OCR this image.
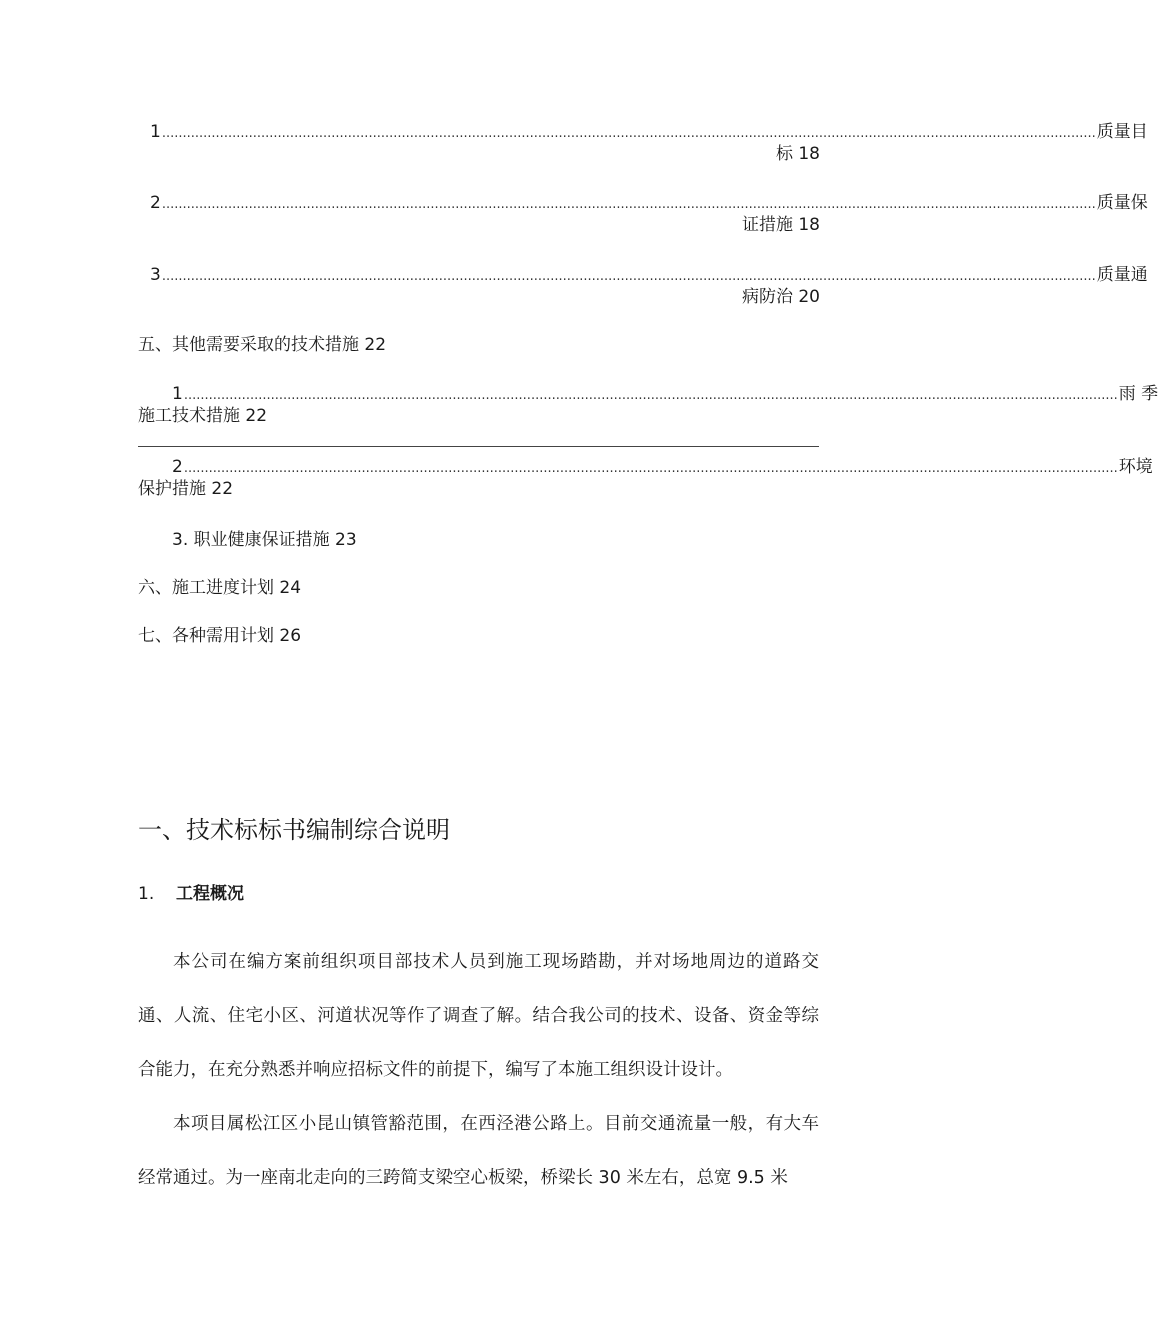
1 .................................................................................................................................................................................................................................. 质量目
标 18
2 .................................................................................................................................................................................................................................. 质量保
证措施 18
3 .................................................................................................................................................................................................................................. 质量通
病防治 20
五、其他需要采取的技术措施 22
1 .................................................................................................................................................................................................................................. 雨 季
施工技术措施 22
2 .................................................................................................................................................................................................................................. 环境
保护措施 22
3. 职业健康保证措施 23
六、施工进度计划 24
七、各种需用计划 26
一、技术标标书编制综合说明
1. 工程概况
本公司在编方案前组织项目部技术人员到施工现场踏勘，并对场地周边的道路交通、人流、住宅小区、河道状况等作了调查了解。结合我公司的技术、设备、资金等综合能力，在充分熟悉并响应招标文件的前提下，编写了本施工组织设计设计。
本项目属松江区小昆山镇管豁范围，在西泾港公路上。目前交通流量一般，有大车经常通过。为一座南北走向的三跨简支梁空心板梁，桥梁长 30 米左右，总宽 9.5 米
